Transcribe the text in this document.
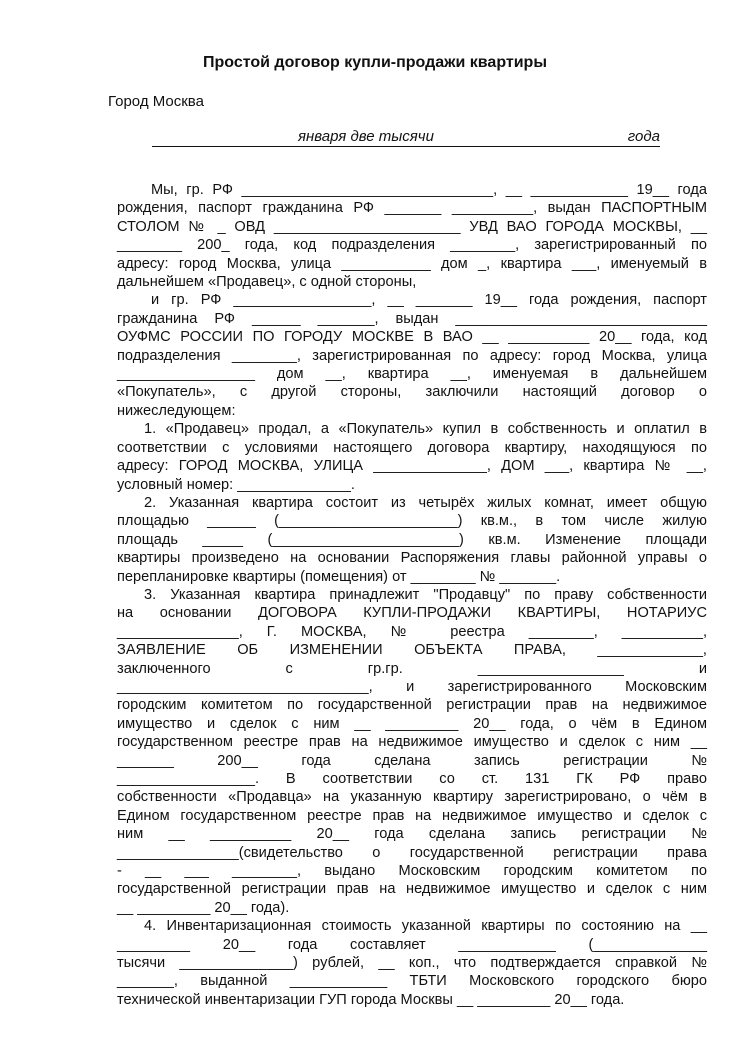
Простой договор купли-продажи квартиры
Город Москва
января две тысячи	года

Мы, гр. РФ _______________________________, __ ____________ 19__ года
рождения, паспорт гражданина РФ _______ __________, выдан ПАСПОРТНЫМ
СТОЛОМ № _ ОВД _______________________ УВД ВАО ГОРОДА МОСКВЫ, __
________ 200_ года, код подразделения ________, зарегистрированный по
адресу: город Москва, улица ___________ дом _, квартира ___, именуемый в
дальнейшем «Продавец», с одной стороны,

и гр. РФ _________________, __ _______ 19__ года рождения, паспорт
гражданина РФ ______ _______, выдан _______________________________
ОУФМС РОССИИ ПО ГОРОДУ МОСКВЕ В ВАО __ __________ 20__ года, код
подразделения ________, зарегистрированная по адресу: город Москва, улица
_________________ дом __, квартира __, именуемая в дальнейшем
«Покупатель», с другой стороны, заключили настоящий договор о
нижеследующем:

1. «Продавец» продал, а «Покупатель» купил в собственность и оплатил в
соответствии с условиями настоящего договора квартиру, находящуюся по
адресу: ГОРОД МОСКВА, УЛИЦА ______________, ДОМ ___, квартира № __,
условный номер: ______________.

2. Указанная квартира состоит из четырёх жилых комнат, имеет общую
площадью ______ (______________________) кв.м., в том числе жилую
площадь _____ (_______________________) кв.м. Изменение площади
квартиры произведено на основании Распоряжения главы районной управы о
перепланировке квартиры (помещения) от ________ № _______.

3. Указанная квартира принадлежит "Продавцу" по праву собственности
на основании ДОГОВОРА КУПЛИ-ПРОДАЖИ КВАРТИРЫ, НОТАРИУС
_______________, Г. МОСКВА, № реестра ________, __________,
ЗАЯВЛЕНИЕ ОБ ИЗМЕНЕНИИ ОБЪЕКТА ПРАВА, _____________,
заключенного с гр.гр. __________________ и
_______________________________, и зарегистрированного Московским
городским комитетом по государственной регистрации прав на недвижимое
имущество и сделок с ним __ _________ 20__ года, о чём в Едином
государственном реестре прав на недвижимое имущество и сделок с ним __
_______ 200__ года сделана запись регистрации №
_________________. В соответствии со ст. 131 ГК РФ право
собственности «Продавца» на указанную квартиру зарегистрировано, о чём в
Едином государственном реестре прав на недвижимое имущество и сделок с
ним __ __________ 20__ года сделана запись регистрации №
_______________(свидетельство о государственной регистрации права
- __ ___ ________, выдано Московским городским комитетом по
государственной регистрации прав на недвижимое имущество и сделок с ним
__ _________ 20__ года).

4. Инвентаризационная стоимость указанной квартиры по состоянию на __
_________ 20__ года составляет ____________ (______________
тысячи ______________) рублей, __ коп., что подтверждается справкой №
_______, выданной ____________ ТБТИ Московского городского бюро
технической инвентаризации ГУП города Москвы __ _________ 20__ года.
